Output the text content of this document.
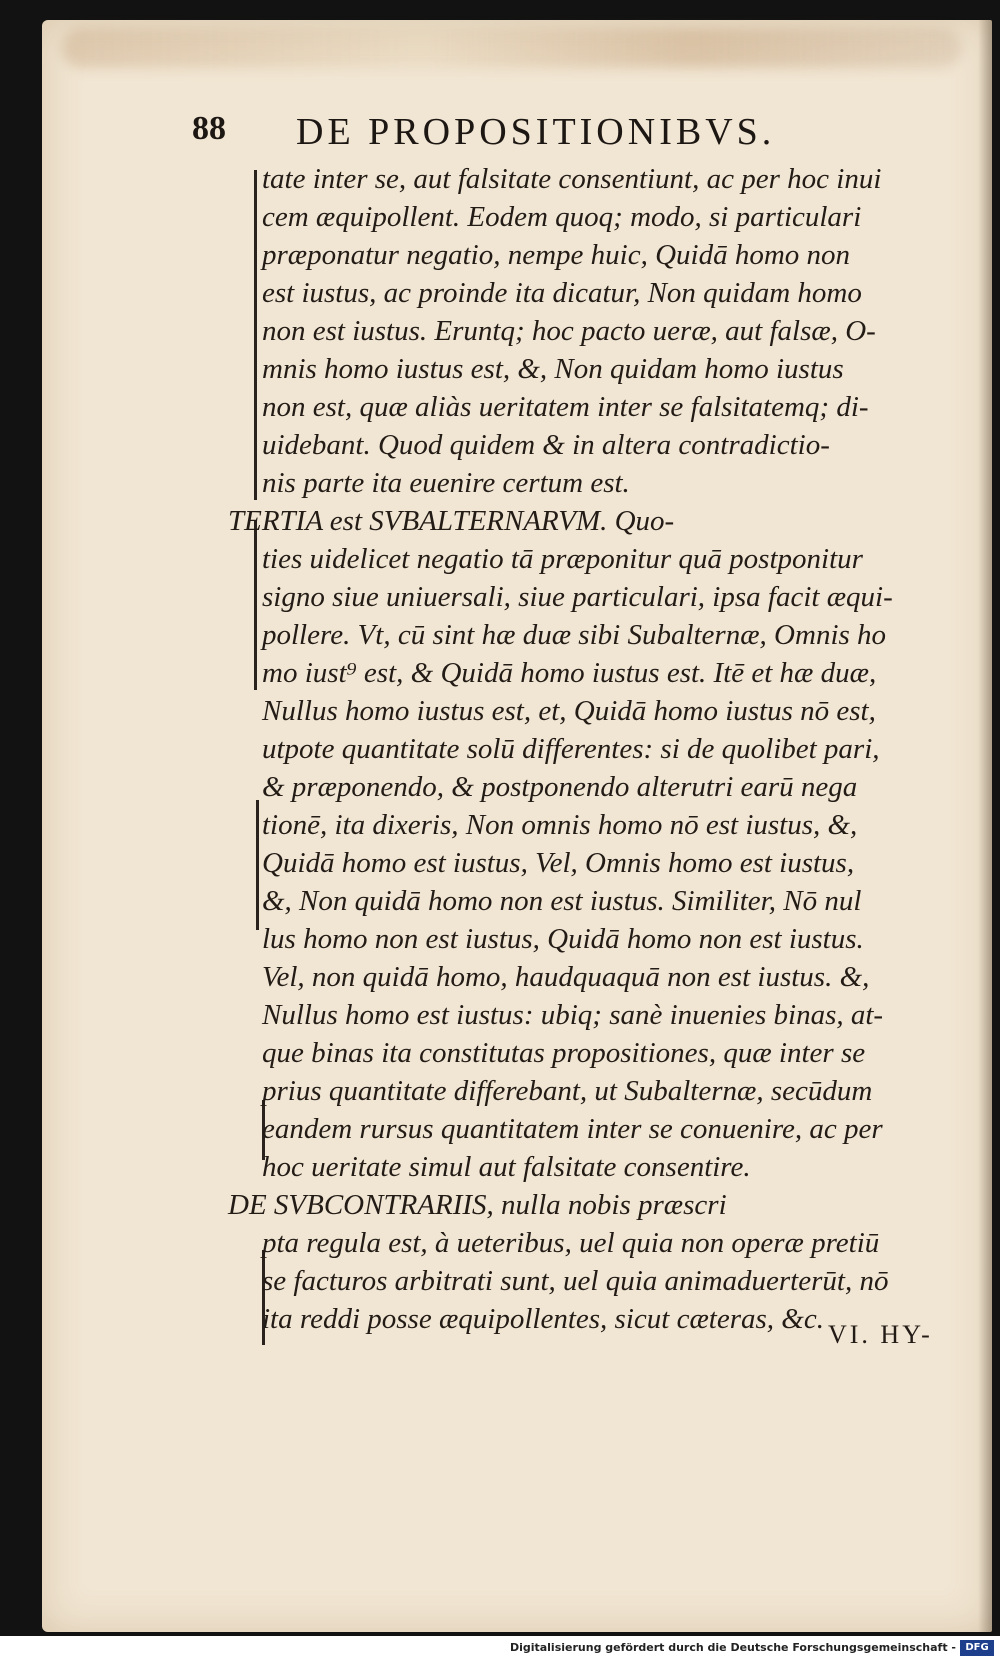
88 DE PROPOSITIONIBVS.
tate inter se, aut falsitate consentiunt, ac per hoc inui
cem æquipollent. Eodem quoq; modo, si particulari
præponatur negatio, nempe huic, Quidā homo non
est iustus, ac proinde ita dicatur, Non quidam homo
non est iustus. Eruntq; hoc pacto ueræ, aut falsæ, O-
mnis homo iustus est, &, Non quidam homo iustus
non est, quæ aliàs ueritatem inter se falsitatemq; di-
uidebant. Quod quidem & in altera contradictio-
nis parte ita euenire certum est.
TERTIA est SVBALTERNARVM. Quo-
ties uidelicet negatio tā præponitur quā postponitur
signo siue uniuersali, siue particulari, ipsa facit æqui-
pollere. Vt, cū sint hæ duæ sibi Subalternæ, Omnis ho
mo iust⁹ est, & Quidā homo iustus est. Itē et hæ duæ,
Nullus homo iustus est, et, Quidā homo iustus nō est,
utpote quantitate solū differentes: si de quolibet pari,
& præponendo, & postponendo alterutri earū nega
tionē, ita dixeris, Non omnis homo nō est iustus, &,
Quidā homo est iustus, Vel, Omnis homo est iustus,
&, Non quidā homo non est iustus. Similiter, Nō nul
lus homo non est iustus, Quidā homo non est iustus.
Vel, non quidā homo, haudquaquā non est iustus. &,
Nullus homo est iustus: ubiq; sanè inuenies binas, at-
que binas ita constitutas propositiones, quæ inter se
prius quantitate differebant, ut Subalternæ, secūdum
eandem rursus quantitatem inter se conuenire, ac per
hoc ueritate simul aut falsitate consentire.
DE SVBCONTRARIIS, nulla nobis præscri
pta regula est, à ueteribus, uel quia non operæ pretiū
se facturos arbitrati sunt, uel quia animaduerterūt, nō
ita reddi posse æquipollentes, sicut cæteras, &c. VI. HY-
Digitalisierung gefördert durch die Deutsche Forschungsgemeinschaft - DFG
